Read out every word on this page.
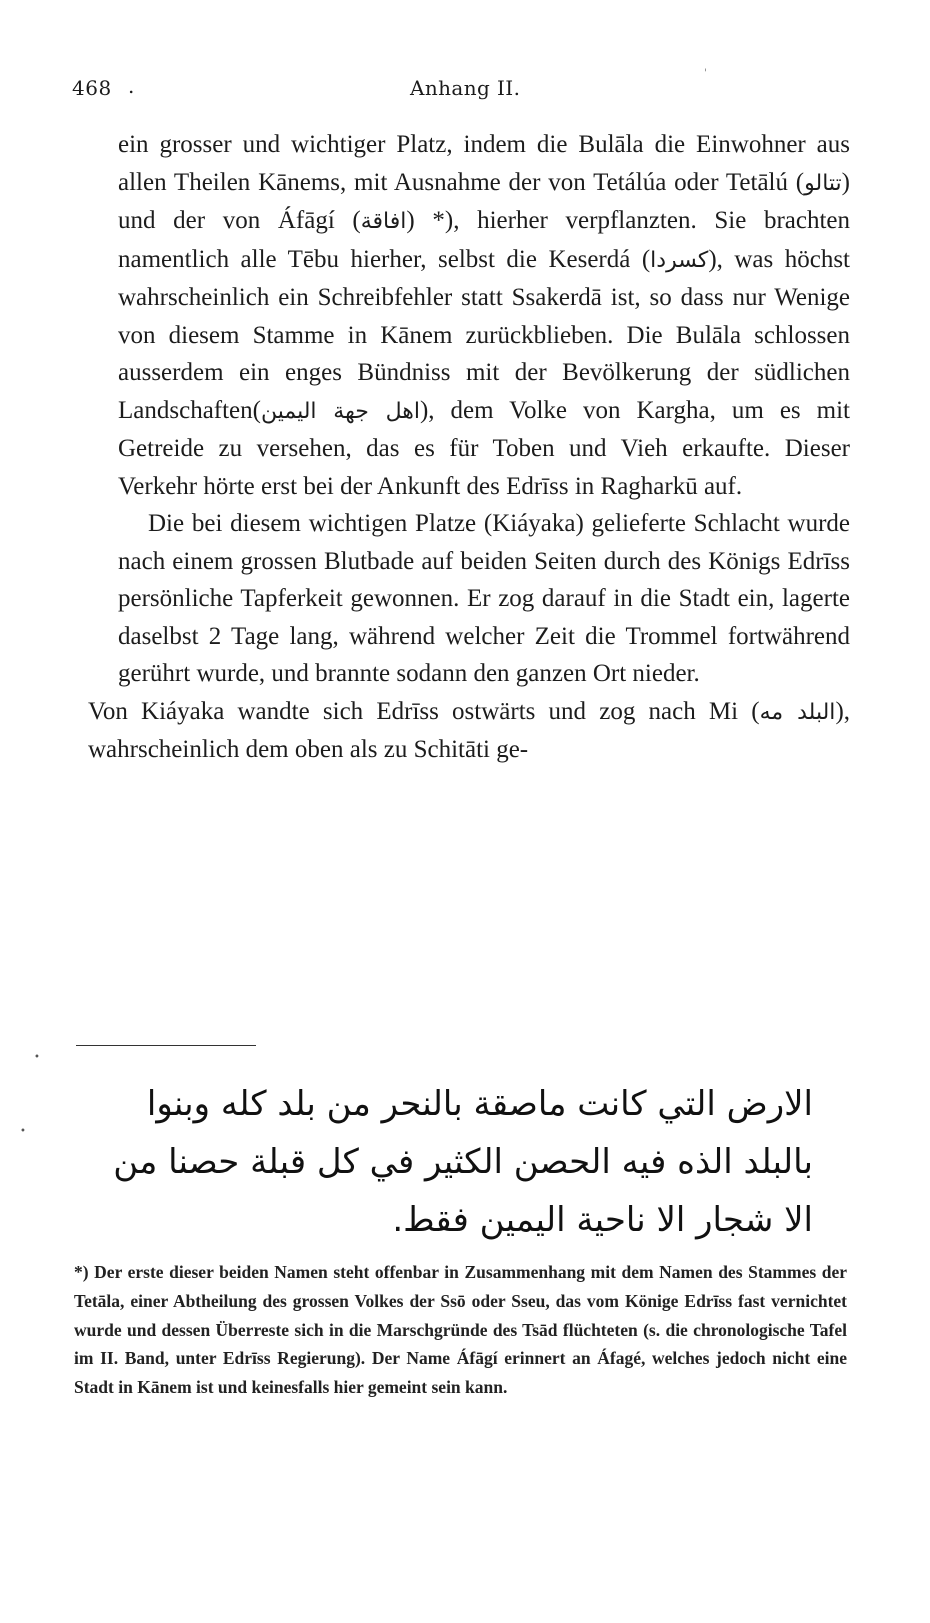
468 .	Anhang II.
'

ein grosser und wichtiger Platz, indem die Bulāla die Einwohner aus allen Theilen Kānems, mit Ausnahme der von Tetálúa oder Tetālú (تتالو) und der von Áfāgí (افاقة) *), hierher verpflanzten. Sie brachten namentlich alle Tēbu hierher, selbst die Keserdá (كسردا), was höchst wahrscheinlich ein Schreibfehler statt Ssakerdā ist, so dass nur Wenige von diesem Stamme in Kānem zurückblieben. Die Bulāla schlossen ausserdem ein enges Bündniss mit der Bevölkerung der südlichen Landschaften(اهل جهة اليمين), dem Volke von Kargha, um es mit Getreide zu versehen, das es für Toben und Vieh erkaufte. Dieser Verkehr hörte erst bei der Ankunft des Edrīss in Ragharkū auf.

Die bei diesem wichtigen Platze (Kiáyaka) gelieferte Schlacht wurde nach einem grossen Blutbade auf beiden Seiten durch des Königs Edrīss persönliche Tapferkeit gewonnen. Er zog darauf in die Stadt ein, lagerte daselbst 2 Tage lang, während welcher Zeit die Trommel fortwährend gerührt wurde, und brannte sodann den ganzen Ort nieder.

Von Kiáyaka wandte sich Edrīss ostwärts und zog nach Mi (البلد مه), wahrscheinlich dem oben als zu Schitāti ge-

•
•
الارض التي كانت ماصقة بالنحر من بلد كله وبنوا
بالبلد الذه فيه الحصن الكثير في كل قبلة حصنا من
الا شجار الا ناحية اليمين فقط.

*) Der erste dieser beiden Namen steht offenbar in Zusammenhang mit dem Namen des Stammes der Tetāla, einer Abtheilung des grossen Volkes der Ssō oder Sseu, das vom Könige Edrīss fast vernichtet wurde und dessen Überreste sich in die Marschgründe des Tsād flüchteten (s. die chronologische Tafel im II. Band, unter Edrīss Regierung). Der Name Áfāgí erinnert an Áfagé, welches jedoch nicht eine Stadt in Kānem ist und keinesfalls hier gemeint sein kann.
